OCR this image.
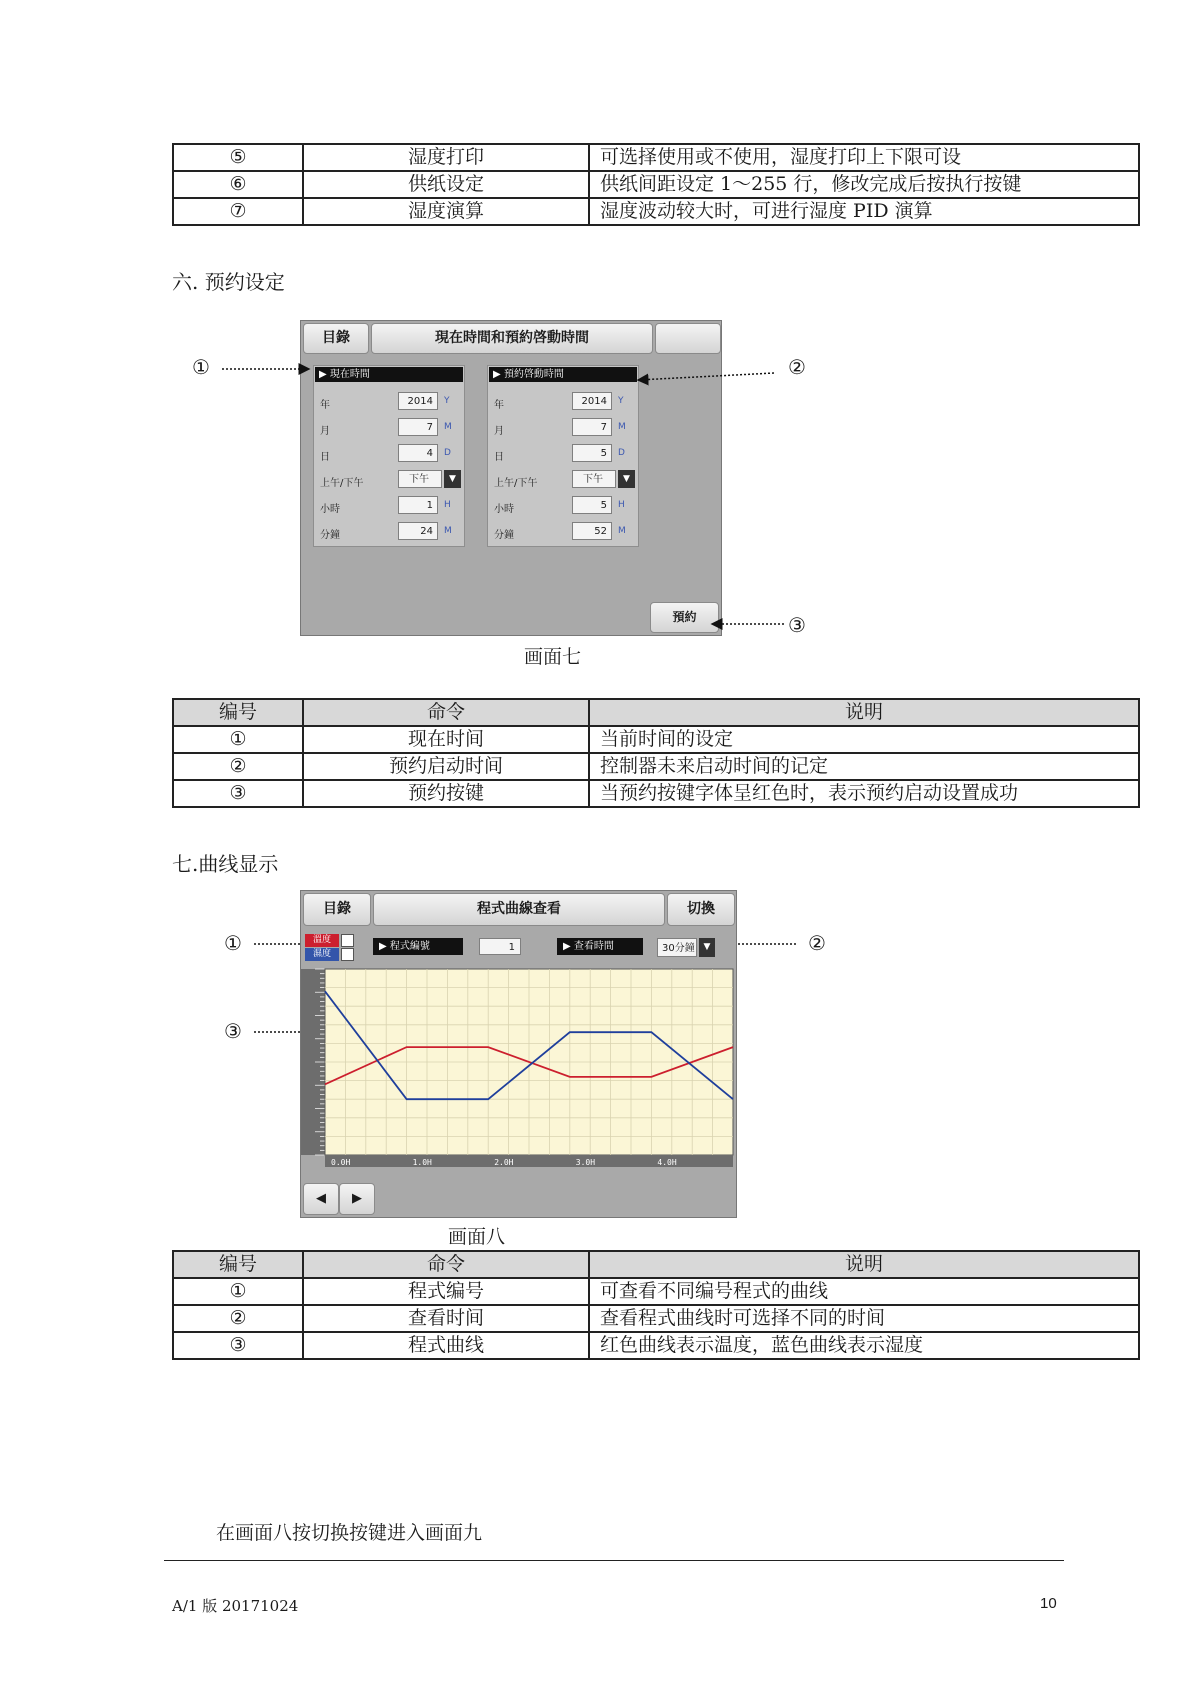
⑤	湿度打印	可选择使用或不使用，湿度打印上下限可设
⑥	供纸设定	供纸间距设定 1～255 行，修改完成后按执行按键
⑦	湿度演算	湿度波动较大时，可进行湿度 PID 演算
六. 预约设定
目錄	現在時間和預約啓動時間
▶ 現在時間
年	2014	Y
月	7	M
日	4	D
上午/下午	下午	▼
小時	1	H
分鐘	24	M
▶ 預約啓動時間
年	2014	Y
月	7	M
日	5	D
上午/下午	下午	▼
小時	5	H
分鐘	52	M
預約
①	②
③
画面七
编号	命令	说明
①	现在时间	当前时间的设定
②	预约启动时间	控制器未来启动时间的记定
③	预约按键	当预约按键字体呈红色时，表示预约启动设置成功
七.曲线显示
目錄	程式曲線查看	切換
溫度
濕度
▶ 程式編號	1	▶ 查看時間	30分鐘 ▼
0.0H	1.0H	2.0H	3.0H	4.0H
◀	▶
①	②
③
画面八
编号	命令	说明
①	程式编号	可查看不同编号程式的曲线
②	查看时间	查看程式曲线时可选择不同的时间
③	程式曲线	红色曲线表示温度，蓝色曲线表示湿度
在画面八按切换按键进入画面九
A/1 版 20171024	10
